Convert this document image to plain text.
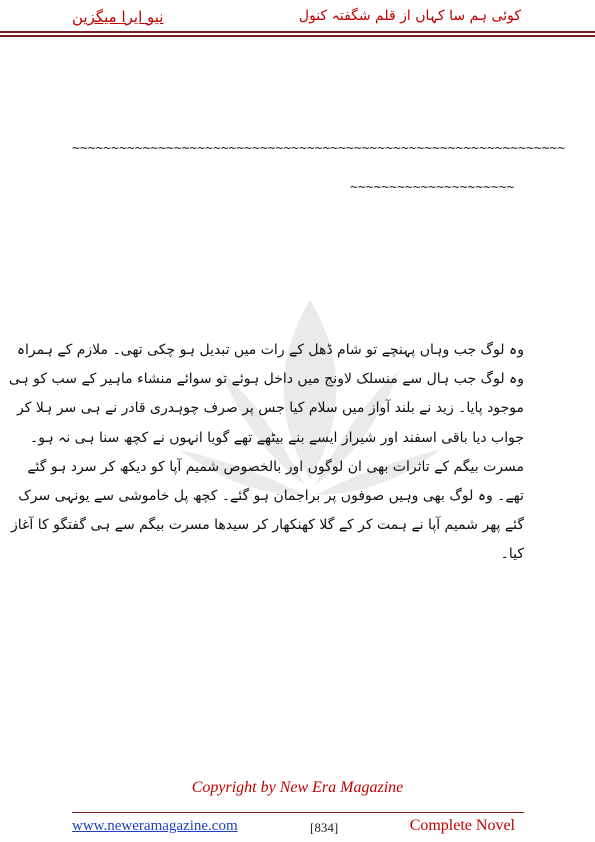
نیو ایرا میگزین	کوئی ہم سا کہاں از قلم شگفتہ کنول
~~~~~~~~~~~~~~~~~~~~~~~~~~~~~~~~~~~~~~~~~~~~~~~~~~~~~~~~~~~~~~~
~~~~~~~~~~~~~~~~~~~~~
وہ لوگ جب وہاں پہنچے تو شام ڈھل کے رات میں تبدیل ہو چکی تھی۔ ملازم کے ہمراہ
وہ لوگ جب ہال سے منسلک لاونج میں داخل ہوئے تو سوائے منشاء ماہیر کے سب کو ہی
موجود پایا۔ زید نے بلند آواز میں سلام کیا جس پر صرف چوہدری قادر نے ہی سر ہلا کر
جواب دیا باقی اسفند اور شیراز ایسے بنے بیٹھے تھے گویا انہوں نے کچھ سنا ہی نہ ہو۔
مسرت بیگم کے تاثرات بھی ان لوگوں اور بالخصوص شمیم آپا کو دیکھ کر سرد ہو گئے
تھے۔ وہ لوگ بھی وہیں صوفوں پر براجمان ہو گئے۔ کچھ پل خاموشی سے یونہی سرک
گئے پھر شمیم آپا نے ہمت کر کے گلا کھنکھار کر سیدھا مسرت بیگم سے ہی گفتگو کا آغاز
کیا۔
Copyright by New Era Magazine
www.neweramagazine.com	[834]	Complete Novel
